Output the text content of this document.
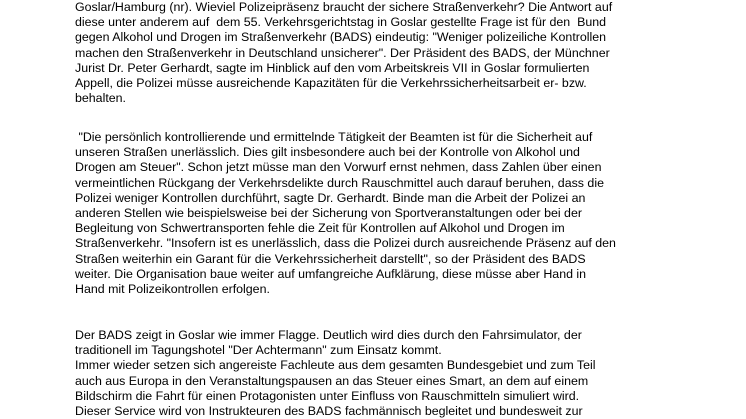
Goslar/Hamburg (nr). Wieviel Polizeipräsenz braucht der sichere Straßenverkehr? Die Antwort auf
diese unter anderem auf  dem 55. Verkehrsgerichtstag in Goslar gestellte Frage ist für den  Bund
gegen Alkohol und Drogen im Straßenverkehr (BADS) eindeutig: "Weniger polizeiliche Kontrollen
machen den Straßenverkehr in Deutschland unsicherer". Der Präsident des BADS, der Münchner
Jurist Dr. Peter Gerhardt, sagte im Hinblick auf den vom Arbeitskreis VII in Goslar formulierten
Appell, die Polizei müsse ausreichende Kapazitäten für die Verkehrssicherheitsarbeit er- bzw.
behalten.

"Die persönlich kontrollierende und ermittelnde Tätigkeit der Beamten ist für die Sicherheit auf
unseren Straßen unerlässlich. Dies gilt insbesondere auch bei der Kontrolle von Alkohol und
Drogen am Steuer". Schon jetzt müsse man den Vorwurf ernst nehmen, dass Zahlen über einen
vermeintlichen Rückgang der Verkehrsdelikte durch Rauschmittel auch darauf beruhen, dass die
Polizei weniger Kontrollen durchführt, sagte Dr. Gerhardt. Binde man die Arbeit der Polizei an
anderen Stellen wie beispielsweise bei der Sicherung von Sportveranstaltungen oder bei der
Begleitung von Schwertransporten fehle die Zeit für Kontrollen auf Alkohol und Drogen im
Straßenverkehr. "Insofern ist es unerlässlich, dass die Polizei durch ausreichende Präsenz auf den
Straßen weiterhin ein Garant für die Verkehrssicherheit darstellt", so der Präsident des BADS
weiter. Die Organisation baue weiter auf umfangreiche Aufklärung, diese müsse aber Hand in
Hand mit Polizeikontrollen erfolgen.

Der BADS zeigt in Goslar wie immer Flagge. Deutlich wird dies durch den Fahrsimulator, der
traditionell im Tagungshotel "Der Achtermann" zum Einsatz kommt.
Immer wieder setzen sich angereiste Fachleute aus dem gesamten Bundesgebiet und zum Teil
auch aus Europa in den Veranstaltungspausen an das Steuer eines Smart, an dem auf einem
Bildschirm die Fahrt für einen Protagonisten unter Einfluss von Rauschmitteln simuliert wird.
Dieser Service wird von Instrukteuren des BADS fachmännisch begleitet und bundesweit zur
